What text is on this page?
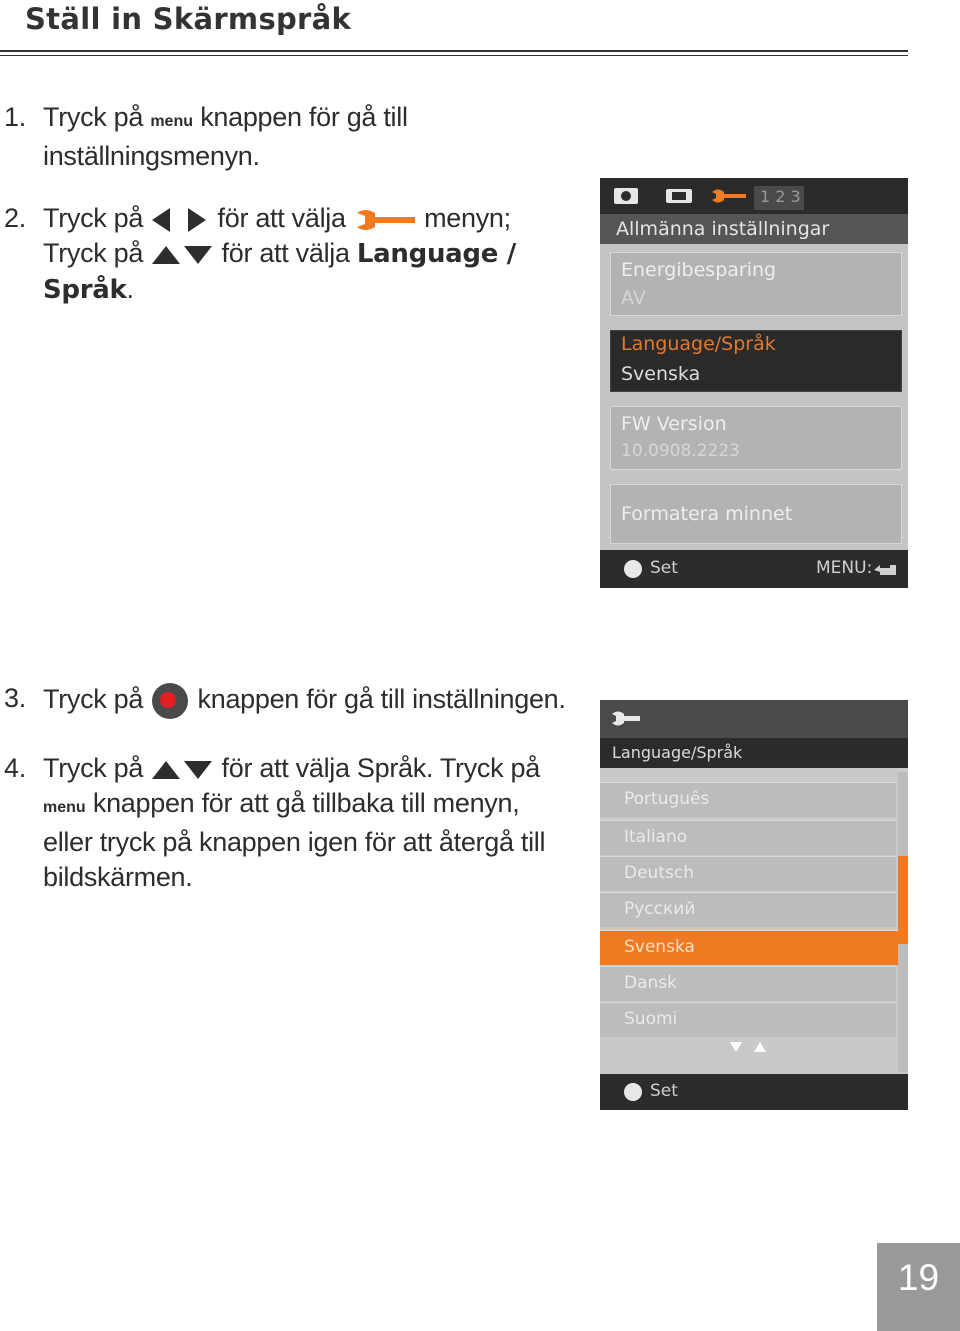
Ställ in Skärmspråk
1. Tryck på menu knappen för gå till
inställningsmenyn.
2. Tryck på	för att välja	menyn;
Tryck på	för att välja Language /
Språk.
1 2 3
Allmänna inställningar
Energibesparing
AV
Language/Språk
Svenska
FW Version
10.0908.2223
Formatera minnet
Set	MENU:
3. Tryck på knappen för gå till inställningen.
4. Tryck på	för att välja Språk. Tryck på
menu knappen för att gå tillbaka till menyn,
eller tryck på knappen igen för att återgå till
bildskärmen.
Language/Språk
Português
Italiano
Deutsch
Русский
Svenska
Dansk
Suomi
Set
19
